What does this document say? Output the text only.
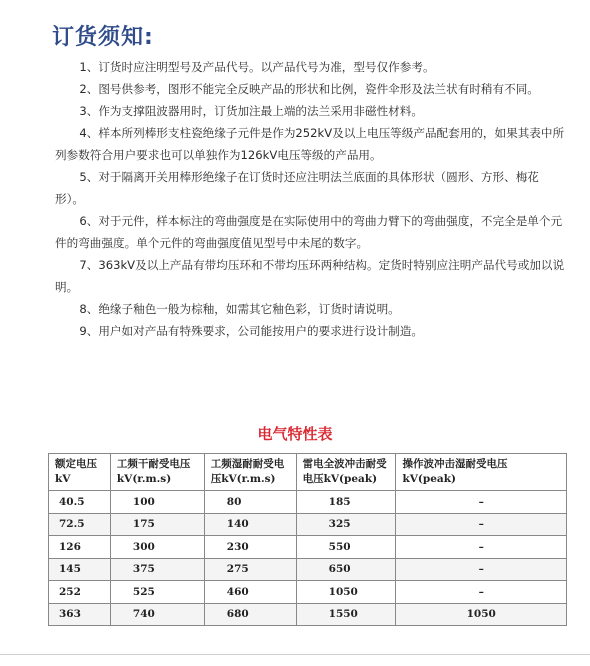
订货须知:

1、订货时应注明型号及产品代号。以产品代号为准，型号仅作参考。

2、图号供参考，图形不能完全反映产品的形状和比例，瓷件伞形及法兰状有时稍有不同。

3、作为支撑阻波器用时，订货加注最上端的法兰采用非磁性材料。

4、样本所列棒形支柱瓷绝缘子元件是作为252kV及以上电压等级产品配套用的，如果其表中所列参数符合用户要求也可以单独作为126kV电压等级的产品用。

5、对于隔离开关用棒形绝缘子在订货时还应注明法兰底面的具体形状（圆形、方形、梅花形）。

6、对于元件，样本标注的弯曲强度是在实际使用中的弯曲力臂下的弯曲强度，不完全是单个元件的弯曲强度。单个元件的弯曲强度值见型号中未尾的数字。

7、363kV及以上产品有带均压环和不带均压环两种结构。定货时特别应注明产品代号或加以说明。

8、绝缘子釉色一般为棕釉，如需其它釉色彩，订货时请说明。

9、用户如对产品有特殊要求，公司能按用户的要求进行设计制造。

电气特性表
额定电压kV	工频干耐受电压kV(r.m.s)	工频湿耐耐受电压kV(r.m.s)	雷电全波冲击耐受电压kV(peak)	操作波冲击湿耐受电压kV(peak)
40.5	100	80	185	–
72.5	175	140	325	–
126	300	230	550	–
145	375	275	650	–
252	525	460	1050	–
363	740	680	1550	1050
